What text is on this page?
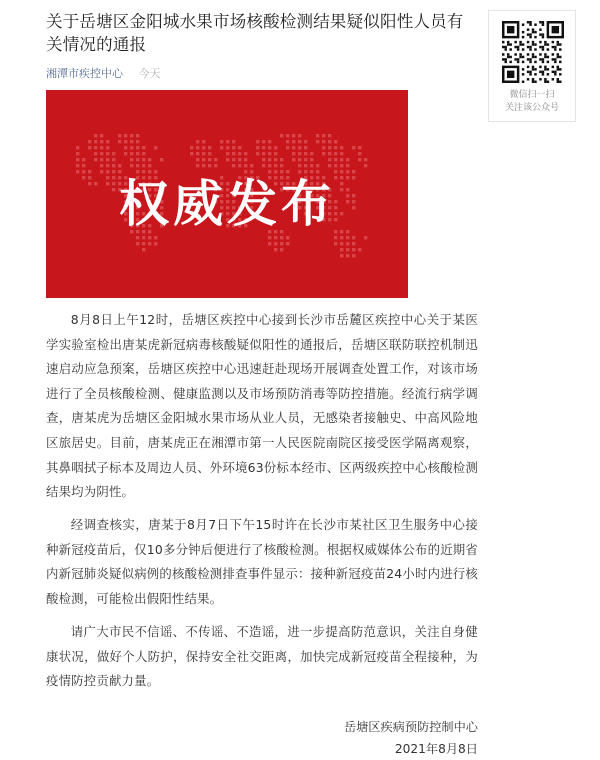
关于岳塘区金阳城水果市场核酸检测结果疑似阳性人员有关情况的通报
湘潭市疾控中心 今天
权威发布

8月8日上午12时，岳塘区疾控中心接到长沙市岳麓区疾控中心关于某医学实验室检出唐某虎新冠病毒核酸疑似阳性的通报后，岳塘区联防联控机制迅速启动应急预案，岳塘区疾控中心迅速赶赴现场开展调查处置工作，对该市场进行了全员核酸检测、健康监测以及市场预防消毒等防控措施。经流行病学调查，唐某虎为岳塘区金阳城水果市场从业人员，无感染者接触史、中高风险地区旅居史。目前，唐某虎正在湘潭市第一人民医院南院区接受医学隔离观察，其鼻咽拭子标本及周边人员、外环境63份标本经市、区两级疾控中心核酸检测结果均为阴性。

经调查核实，唐某于8月7日下午15时许在长沙市某社区卫生服务中心接种新冠疫苗后，仅10多分钟后便进行了核酸检测。根据权威媒体公布的近期省内新冠肺炎疑似病例的核酸检测排查事件显示：接种新冠疫苗24小时内进行核酸检测，可能检出假阳性结果。

请广大市民不信谣、不传谣、不造谣，进一步提高防范意识，关注自身健康状况，做好个人防护，保持安全社交距离，加快完成新冠疫苗全程接种，为疫情防控贡献力量。

岳塘区疾病预防控制中心
2021年8月8日
微信扫一扫
关注该公众号
